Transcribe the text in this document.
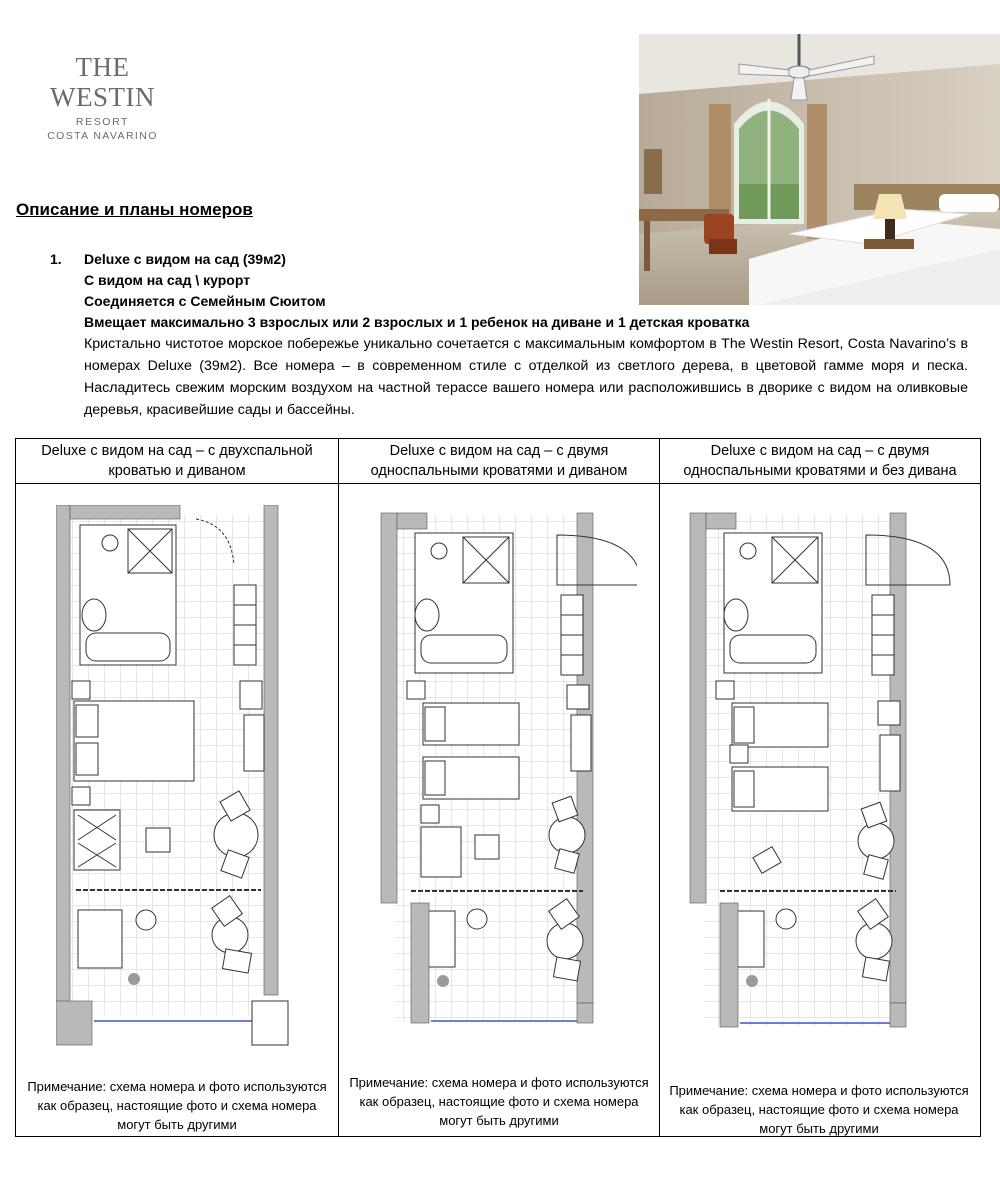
THE WESTIN
RESORT
COSTA NAVARINO
Описание и планы номеров
1. Deluxe с видом на сад (39м2)
С видом на сад \ курорт
Соединяется с Семейным Сюитом
Вмещает максимально 3 взрослых или 2 взрослых и 1 ребенок на диване и 1 детская кроватка
Кристально чистотое морское побережье уникально сочетается с максимальным комфортом в The Westin Resort, Costa Navarino’s в номерах Deluxe (39м2). Все номера – в современном стиле с отделкой из светлого дерева, в цветовой гамме моря и песка. Насладитесь свежим морским воздухом на частной терассе вашего номера или расположившись в дворике с видом на оливковые деревья, красивейшие сады и бассейны.
Deluxe с видом на сад – с двухспальной кроватью и диваном
Deluxe с видом на сад – с двумя односпальными кроватями и диваном
Deluxe с видом на сад – с двумя односпальными кроватями и без дивана
Примечание: схема номера и фото используются как образец, настоящие фото и схема номера могут быть другими
Примечание: схема номера и фото используются как образец, настоящие фото и схема номера могут быть другими
Примечание: схема номера и фото используются как образец, настоящие фото и схема номера могут быть другими
